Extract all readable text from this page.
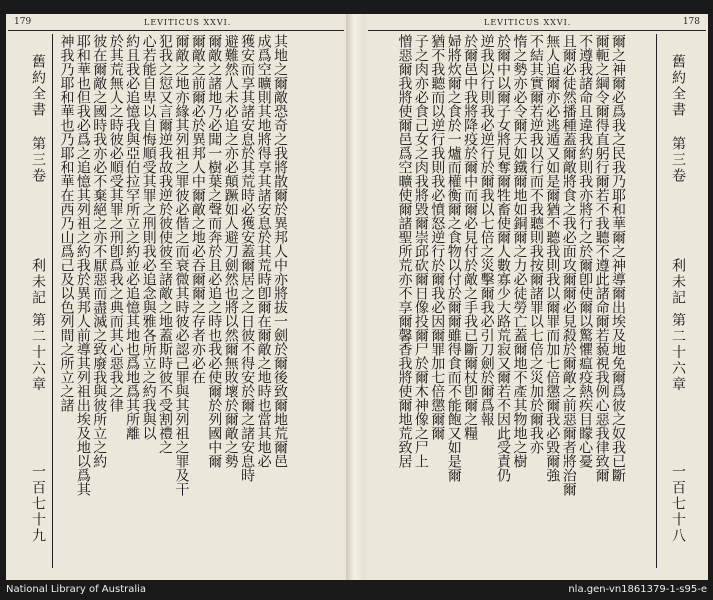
179	LEVITICUS XXVI.
其地之爾敵恐奇之我將散爾於異邦人中亦將拔一劍於爾後致爾地荒爾邑
成爲空曠則其地將得享其諸安息於其荒時卽爾在爾敵之地時也當其地必
獲安而享其諸安息於其荒時必獲安蓋爾居之之日彼不得安於爾之諸安息時
避難然人未必追之亦必顛蹶如人避刀劍然也將以然爾無敗壞於爾敵之勢
爾敵之諸地乃必聞一樹葉之聲而奔於且必追之時也我必使爾於列國中爾
爾敵之前爾必於異邦人中爾敵之地必吞爾爾之存者亦必在
爾敵之地亦緣其列祖之罪彼必偕之而衰微其時彼必認己罪與其列祖之罪及干
犯我之愆又言爾逆我故我逆於彼使彼至諸敵之地蓋斯時彼不受割禮之
心若能自卑以自悔順受其罪之刑則我必追念與雅各所立之約我與以
約且我必追憶我與亞伯拉罕所立之約並必追憶其地也爲地爲其所離
於其荒無人之時彼必順受其罪之刑卽爲我之典而其心惡我之律
彼在爾敵之國時我亦必不棄絕之亦不厭惡而盡滅之致廢我與彼所立之約
耶和華也但我必爲之追憶其列祖之約我於異邦人前導其列祖出埃及地以爲其
神我乃耶和華也乃耶和華在西乃山爲己及以色列間之所立之諸
舊約全書
第三卷
利未記 第二十六章
一百七十九
LEVITICUS XXVI.	178
爾之神爾必爲我之民我乃耶和華爾之神導爾出埃及地免爾爲彼之奴我已斷
爾軛之綱令爾得直躬行爾若不我聽不遵此諸命爾若藐視我例心惡我律致爾
不遵我諸命且違我約則我亦將行之於爾卽使爾以驚懼瘟疫熱疾目矇心憂
且爾必徒然播種蓋爾敵將食之我必面攻爾爾必見殺於爾敵之前惡爾者將治爾
無人追爾亦必逃遁又如是爾猶不聽我則我以爾罪而加七倍懲爾我必毀爾強
不結其實爾若逆我以行而不我聽則我按爾諸罪以七倍之災加於爾我亦
惰之勢亦必令爾天如鐵爾地如銅爾之力必徒勞亡蓋爾地不產其物地之樹
於爾中以爾子女將見奪爾牲畜使爾人數寡少大路荒寂又爾若不因此受責仍
逆我以行則我必逆行於爾我以七倍之災擊爾我必引刀劍於爾爲報
於爾邑中我將降疫於爾中而爾必見付於敵之手我已斷爾杖卽爾之糧
婦將炊爾之食於一爐而權衡爾之食物以付於爾爾雖得食而不能飽又如是爾
猶不我聽而以逆行我則我必憤怒逆行於爾我必因爾罪加七倍懲爾爾
子之肉亦必食己女之肉我將毀爾崇邱砍爾日像投爾尸於爾木神像之尸上
憎惡爾我將使爾邑爲空曠使爾諸聖所荒亦不享爾馨香我將使爾地荒致居	舊約全書
第三卷
利未記 第二十六章
一百七十八
National Library of Australia	nla.gen-vn1861379-1-s95-e
